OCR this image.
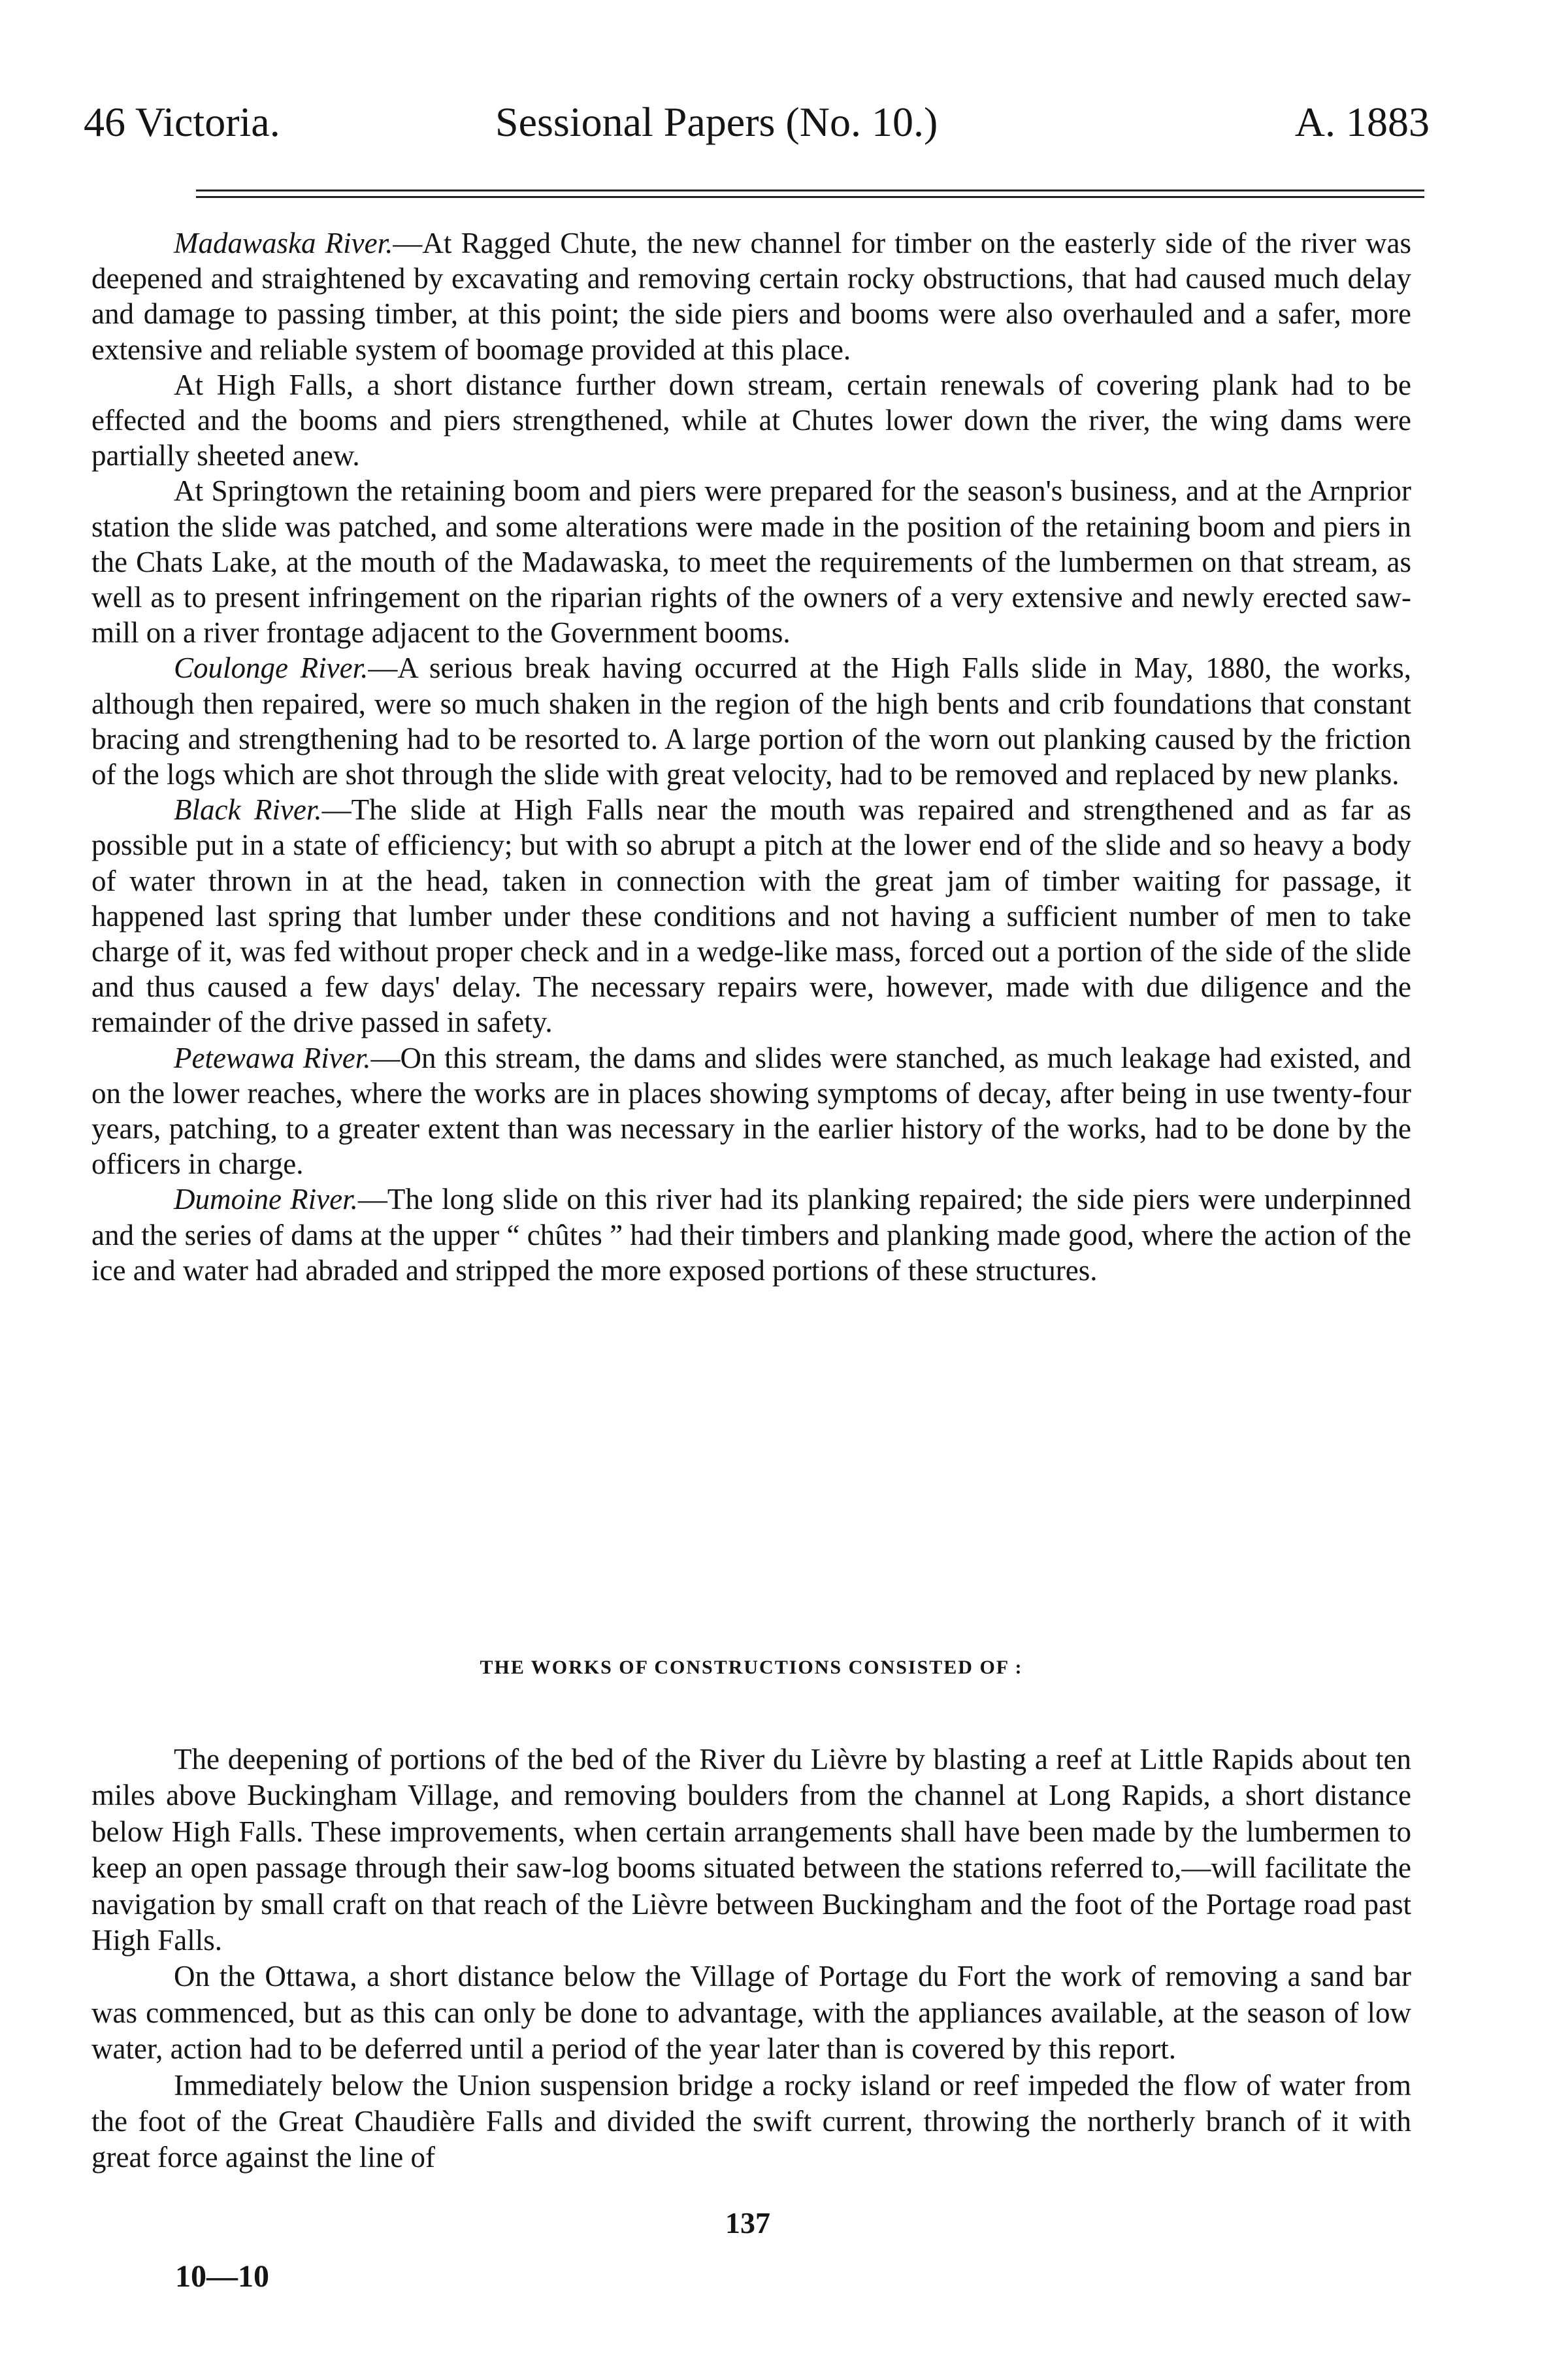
46 Victoria.	Sessional Papers (No. 10.)	A. 1883

Madawaska River.—At Ragged Chute, the new channel for timber on the easterly side of the river was deepened and straightened by excavating and removing certain rocky obstructions, that had caused much delay and damage to passing timber, at this point; the side piers and booms were also overhauled and a safer, more extensive and reliable system of boomage provided at this place.

At High Falls, a short distance further down stream, certain renewals of covering plank had to be effected and the booms and piers strengthened, while at Chutes lower down the river, the wing dams were partially sheeted anew.

At Springtown the retaining boom and piers were prepared for the season's business, and at the Arnprior station the slide was patched, and some alterations were made in the position of the retaining boom and piers in the Chats Lake, at the mouth of the Madawaska, to meet the requirements of the lumbermen on that stream, as well as to present infringement on the riparian rights of the owners of a very extensive and newly erected saw-mill on a river frontage adjacent to the Government booms.

Coulonge River.—A serious break having occurred at the High Falls slide in May, 1880, the works, although then repaired, were so much shaken in the region of the high bents and crib foundations that constant bracing and strengthening had to be resorted to. A large portion of the worn out planking caused by the friction of the logs which are shot through the slide with great velocity, had to be removed and replaced by new planks.

Black River.—The slide at High Falls near the mouth was repaired and strengthened and as far as possible put in a state of efficiency; but with so abrupt a pitch at the lower end of the slide and so heavy a body of water thrown in at the head, taken in connection with the great jam of timber waiting for passage, it happened last spring that lumber under these conditions and not having a sufficient number of men to take charge of it, was fed without proper check and in a wedge-like mass, forced out a portion of the side of the slide and thus caused a few days' delay. The necessary repairs were, however, made with due diligence and the remainder of the drive passed in safety.

Petewawa River.—On this stream, the dams and slides were stanched, as much leakage had existed, and on the lower reaches, where the works are in places showing symptoms of decay, after being in use twenty-four years, patching, to a greater extent than was necessary in the earlier history of the works, had to be done by the officers in charge.

Dumoine River.—The long slide on this river had its planking repaired; the side piers were underpinned and the series of dams at the upper “ chûtes ” had their timbers and planking made good, where the action of the ice and water had abraded and stripped the more exposed portions of these structures.

THE WORKS OF CONSTRUCTIONS CONSISTED OF :

The deepening of portions of the bed of the River du Lièvre by blasting a reef at Little Rapids about ten miles above Buckingham Village, and removing boulders from the channel at Long Rapids, a short distance below High Falls. These improvements, when certain arrangements shall have been made by the lumbermen to keep an open passage through their saw-log booms situated between the stations referred to,—will facilitate the navigation by small craft on that reach of the Lièvre between Buckingham and the foot of the Portage road past High Falls.

On the Ottawa, a short distance below the Village of Portage du Fort the work of removing a sand bar was commenced, but as this can only be done to advantage, with the appliances available, at the season of low water, action had to be deferred until a period of the year later than is covered by this report.

Immediately below the Union suspension bridge a rocky island or reef impeded the flow of water from the foot of the Great Chaudière Falls and divided the swift current, throwing the northerly branch of it with great force against the line of

137
10—10
